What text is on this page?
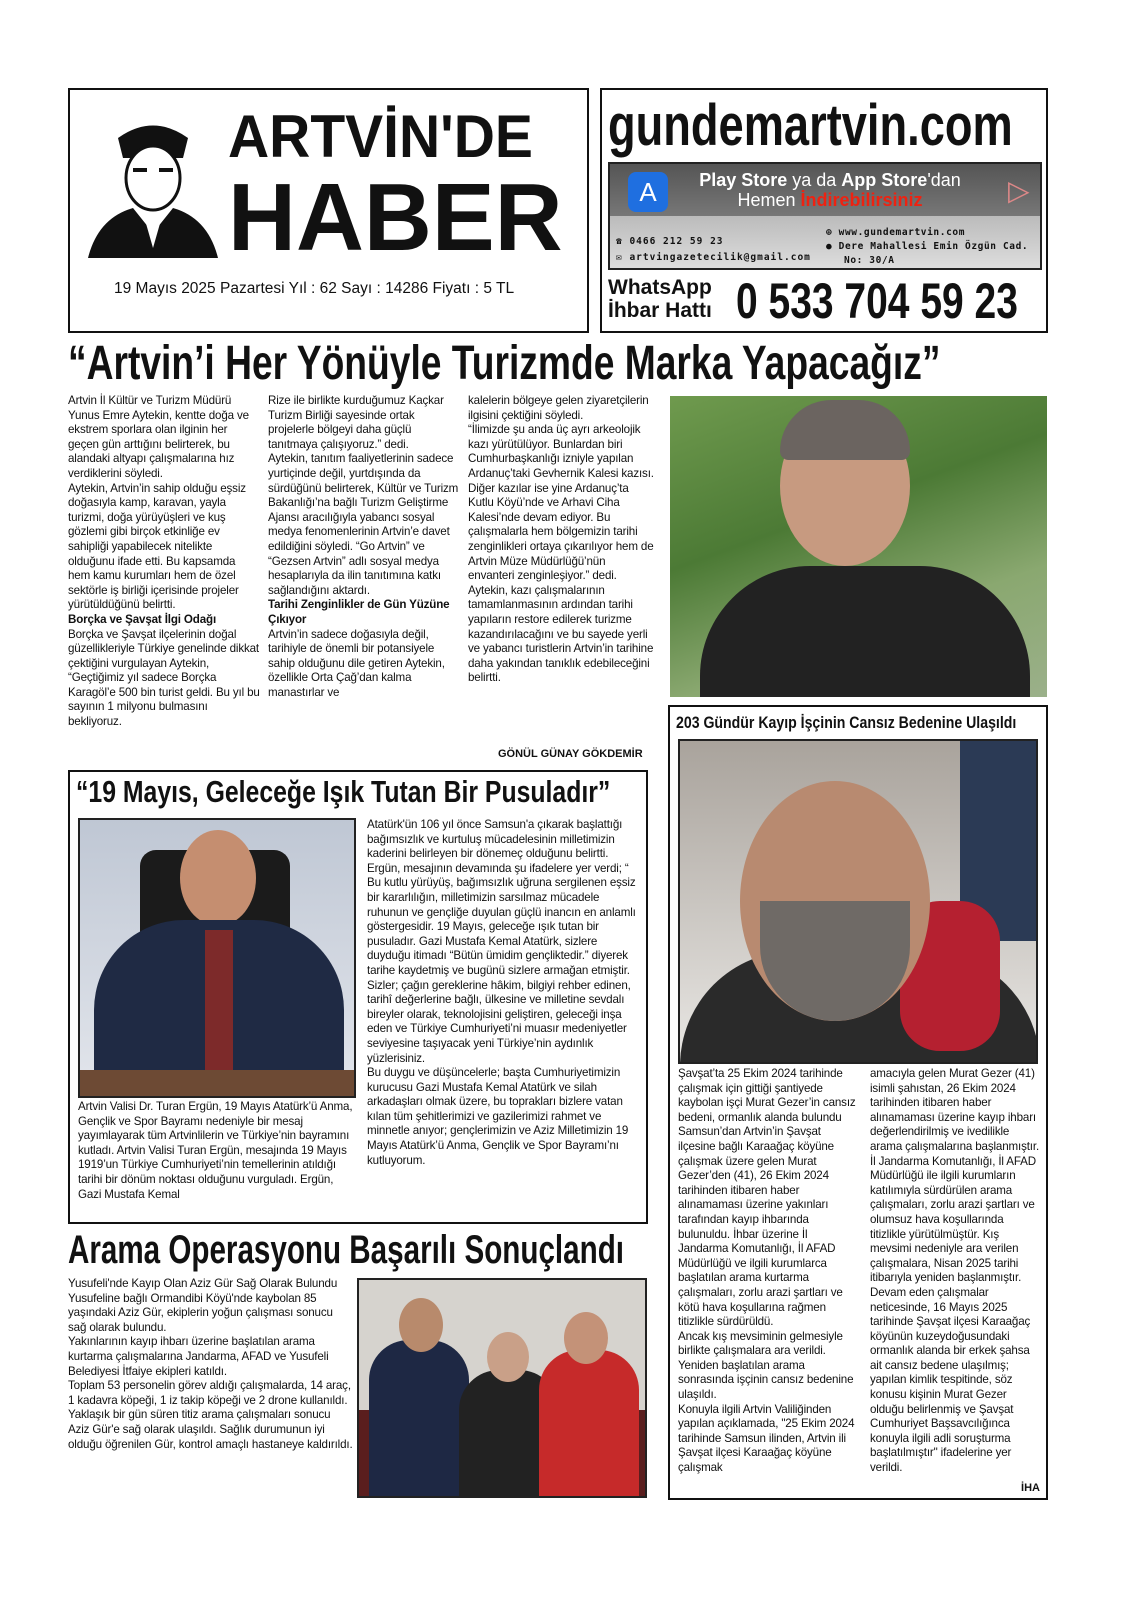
ARTVİN'DE
HABER
19 Mayıs 2025 Pazartesi Yıl : 62 Sayı : 14286 Fiyatı : 5 TL
gundemartvin.com
A	▷
Play Store ya da App Store'dan
Hemen İndirebilirsiniz
☎ 0466 212 59 23
✉ artvingazetecilik@gmail.com
⊕ www.gundemartvin.com
● Dere Mahallesi Emin Özgün Cad.
No: 30/A
WhatsApp
İhbar Hattı 0 533 704 59 23
“Artvin’i Her Yönüyle Turizmde Marka Yapacağız”

Artvin İl Kültür ve Turizm Müdürü Yunus Emre Aytekin, kentte doğa ve ekstrem sporlara olan ilginin her geçen gün arttığını belirterek, bu alandaki altyapı çalışmalarına hız verdiklerini söyledi.

Aytekin, Artvin’in sahip olduğu eşsiz doğasıyla kamp, karavan, yayla turizmi, doğa yürüyüşleri ve kuş gözlemi gibi birçok etkinliğe ev sahipliği yapabilecek nitelikte olduğunu ifade etti. Bu kapsamda hem kamu kurumları hem de özel sektörle iş birliği içerisinde projeler yürütüldüğünü belirtti.

Borçka ve Şavşat İlgi Odağı

Borçka ve Şavşat ilçelerinin doğal güzellikleriyle Türkiye genelinde dikkat çektiğini vurgulayan Aytekin, “Geçtiğimiz yıl sadece Borçka Karagöl’e 500 bin turist geldi. Bu yıl bu sayının 1 milyonu bulmasını bekliyoruz.

Rize ile birlikte kurduğumuz Kaçkar Turizm Birliği sayesinde ortak projelerle bölgeyi daha güçlü tanıtmaya çalışıyoruz.” dedi.

Aytekin, tanıtım faaliyetlerinin sadece yurtiçinde değil, yurtdışında da sürdüğünü belirterek, Kültür ve Turizm Bakanlığı’na bağlı Turizm Geliştirme Ajansı aracılığıyla yabancı sosyal medya fenomenlerinin Artvin’e davet edildiğini söyledi. “Go Artvin” ve “Gezsen Artvin” adlı sosyal medya hesaplarıyla da ilin tanıtımına katkı sağlandığını aktardı.

Tarihi Zenginlikler de Gün Yüzüne Çıkıyor

Artvin’in sadece doğasıyla değil, tarihiyle de önemli bir potansiyele sahip olduğunu dile getiren Aytekin, özellikle Orta Çağ’dan kalma manastırlar ve

kalelerin bölgeye gelen ziyaretçilerin ilgisini çektiğini söyledi.

“İlimizde şu anda üç ayrı arkeolojik kazı yürütülüyor. Bunlardan biri Cumhurbaşkanlığı izniyle yapılan Ardanuç’taki Gevhernik Kalesi kazısı. Diğer kazılar ise yine Ardanuç’ta Kutlu Köyü’nde ve Arhavi Ciha Kalesi’nde devam ediyor. Bu çalışmalarla hem bölgemizin tarihi zenginlikleri ortaya çıkarılıyor hem de Artvin Müze Müdürlüğü’nün envanteri zenginleşiyor.” dedi.

Aytekin, kazı çalışmalarının tamamlanmasının ardından tarihi yapıların restore edilerek turizme kazandırılacağını ve bu sayede yerli ve yabancı turistlerin Artvin’in tarihine daha yakından tanıklık edebileceğini belirtti.

GÖNÜL GÜNAY GÖKDEMİR
“19 Mayıs, Geleceğe Işık Tutan Bir Pusuladır”
Artvin Valisi Dr. Turan Ergün, 19 Mayıs Atatürk’ü Anma, Gençlik ve Spor Bayramı nedeniyle bir mesaj yayımlayarak tüm Artvinlilerin ve Türkiye’nin bayramını kutladı. Artvin Valisi Turan Ergün, mesajında 19 Mayıs 1919’un Türkiye Cumhuriyeti’nin temellerinin atıldığı tarihi bir dönüm noktası olduğunu vurguladı. Ergün, Gazi Mustafa Kemal

Atatürk'ün 106 yıl önce Samsun'a çıkarak başlattığı bağımsızlık ve kurtuluş mücadelesinin milletimizin kaderini belirleyen bir dönemeç olduğunu belirtti.

Ergün, mesajının devamında şu ifadelere yer verdi; “ Bu kutlu yürüyüş, bağımsızlık uğruna sergilenen eşsiz bir kararlılığın, milletimizin sarsılmaz mücadele ruhunun ve gençliğe duyulan güçlü inancın en anlamlı göstergesidir. 19 Mayıs, geleceğe ışık tutan bir pusuladır. Gazi Mustafa Kemal Atatürk, sizlere duyduğu itimadı “Bütün ümidim gençliktedir.” diyerek tarihe kaydetmiş ve bugünü sizlere armağan etmiştir. Sizler; çağın gereklerine hâkim, bilgiyi rehber edinen, tarihî değerlerine bağlı, ülkesine ve milletine sevdalı bireyler olarak, teknolojisini geliştiren, geleceği inşa eden ve Türkiye Cumhuriyeti’ni muasır medeniyetler seviyesine taşıyacak yeni Türkiye’nin aydınlık yüzlerisiniz.

Bu duygu ve düşüncelerle; başta Cumhuriyetimizin kurucusu Gazi Mustafa Kemal Atatürk ve silah arkadaşları olmak üzere, bu toprakları bizlere vatan kılan tüm şehitlerimizi ve gazilerimizi rahmet ve minnetle anıyor; gençlerimizin ve Aziz Milletimizin 19 Mayıs Atatürk’ü Anma, Gençlik ve Spor Bayramı’nı kutluyorum.

Arama Operasyonu Başarılı Sonuçlandı

Yusufeli'nde Kayıp Olan Aziz Gür Sağ Olarak Bulundu

Yusufeline bağlı Ormandibi Köyü'nde kaybolan 85 yaşındaki Aziz Gür, ekiplerin yoğun çalışması sonucu sağ olarak bulundu.

Yakınlarının kayıp ihbarı üzerine başlatılan arama kurtarma çalışmalarına Jandarma, AFAD ve Yusufeli Belediyesi İtfaiye ekipleri katıldı.

Toplam 53 personelin görev aldığı çalışmalarda, 14 araç, 1 kadavra köpeği, 1 iz takip köpeği ve 2 drone kullanıldı.

Yaklaşık bir gün süren titiz arama çalışmaları sonucu Aziz Gür'e sağ olarak ulaşıldı. Sağlık durumunun iyi olduğu öğrenilen Gür, kontrol amaçlı hastaneye kaldırıldı.

203 Gündür Kayıp İşçinin Cansız Bedenine Ulaşıldı

Şavşat’ta 25 Ekim 2024 tarihinde çalışmak için gittiği şantiyede kaybolan işçi Murat Gezer’in cansız bedeni, ormanlık alanda bulundu

Samsun’dan Artvin’in Şavşat ilçesine bağlı Karaağaç köyüne çalışmak üzere gelen Murat Gezer’den (41), 26 Ekim 2024 tarihinden itibaren haber alınamaması üzerine yakınları tarafından kayıp ihbarında bulunuldu. İhbar üzerine İl Jandarma Komutanlığı, İl AFAD Müdürlüğü ve ilgili kurumlarca başlatılan arama kurtarma çalışmaları, zorlu arazi şartları ve kötü hava koşullarına rağmen titizlikle sürdürüldü.

Ancak kış mevsiminin gelmesiyle birlikte çalışmalara ara verildi. Yeniden başlatılan arama sonrasında işçinin cansız bedenine ulaşıldı.

Konuyla ilgili Artvin Valiliğinden yapılan açıklamada, "25 Ekim 2024 tarihinde Samsun ilinden, Artvin ili Şavşat ilçesi Karaağaç köyüne çalışmak

amacıyla gelen Murat Gezer (41) isimli şahıstan, 26 Ekim 2024 tarihinden itibaren haber alınamaması üzerine kayıp ihbarı değerlendirilmiş ve ivedilikle arama çalışmalarına başlanmıştır. İl Jandarma Komutanlığı, İl AFAD Müdürlüğü ile ilgili kurumların katılımıyla sürdürülen arama çalışmaları, zorlu arazi şartları ve olumsuz hava koşullarında titizlikle yürütülmüştür. Kış mevsimi nedeniyle ara verilen çalışmalara, Nisan 2025 tarihi itibarıyla yeniden başlanmıştır. Devam eden çalışmalar neticesinde, 16 Mayıs 2025 tarihinde Şavşat ilçesi Karaağaç köyünün kuzeydoğusundaki ormanlık alanda bir erkek şahsa ait cansız bedene ulaşılmış; yapılan kimlik tespitinde, söz konusu kişinin Murat Gezer olduğu belirlenmiş ve Şavşat Cumhuriyet Başsavcılığınca konuyla ilgili adli soruşturma başlatılmıştır" ifadelerine yer verildi.

İHA
